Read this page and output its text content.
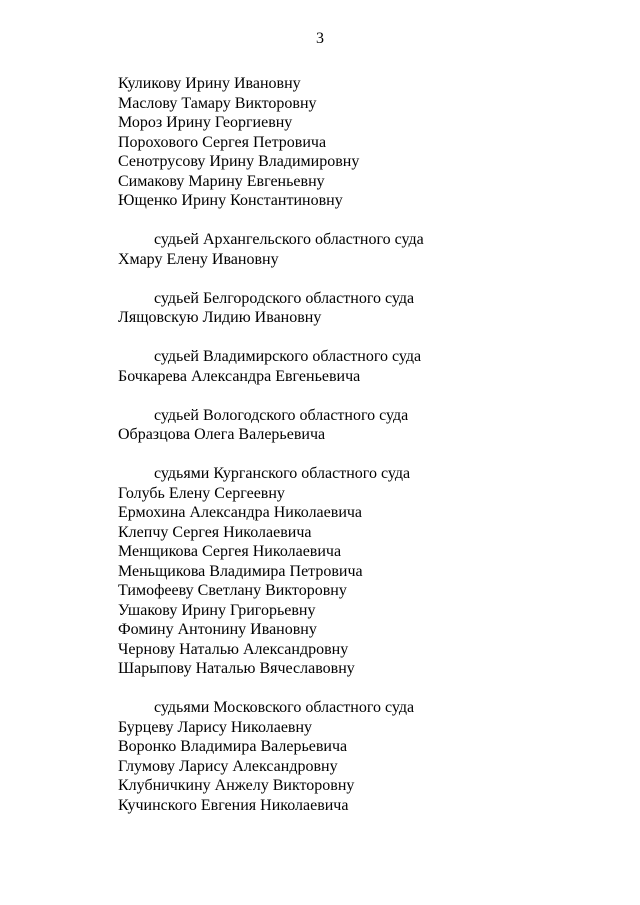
3
Куликову Ирину Ивановну
Маслову Тамару Викторовну
Мороз Ирину Георгиевну
Порохового Сергея Петровича
Сенотрусову Ирину Владимировну
Симакову Марину Евгеньевну
Ющенко Ирину Константиновну
судьей Архангельского областного суда
Хмару Елену Ивановну
судьей Белгородского областного суда
Лящовскую Лидию Ивановну
судьей Владимирского областного суда
Бочкарева Александра Евгеньевича
судьей Вологодского областного суда
Образцова Олега Валерьевича
судьями Курганского областного суда
Голубь Елену Сергеевну
Ермохина Александра Николаевича
Клепчу Сергея Николаевича
Менщикова Сергея Николаевича
Меньщикова Владимира Петровича
Тимофееву Светлану Викторовну
Ушакову Ирину Григорьевну
Фомину Антонину Ивановну
Чернову Наталью Александровну
Шарыпову Наталью Вячеславовну
судьями Московского областного суда
Бурцеву Ларису Николаевну
Воронко Владимира Валерьевича
Глумову Ларису Александровну
Клубничкину Анжелу Викторовну
Кучинского Евгения Николаевича
